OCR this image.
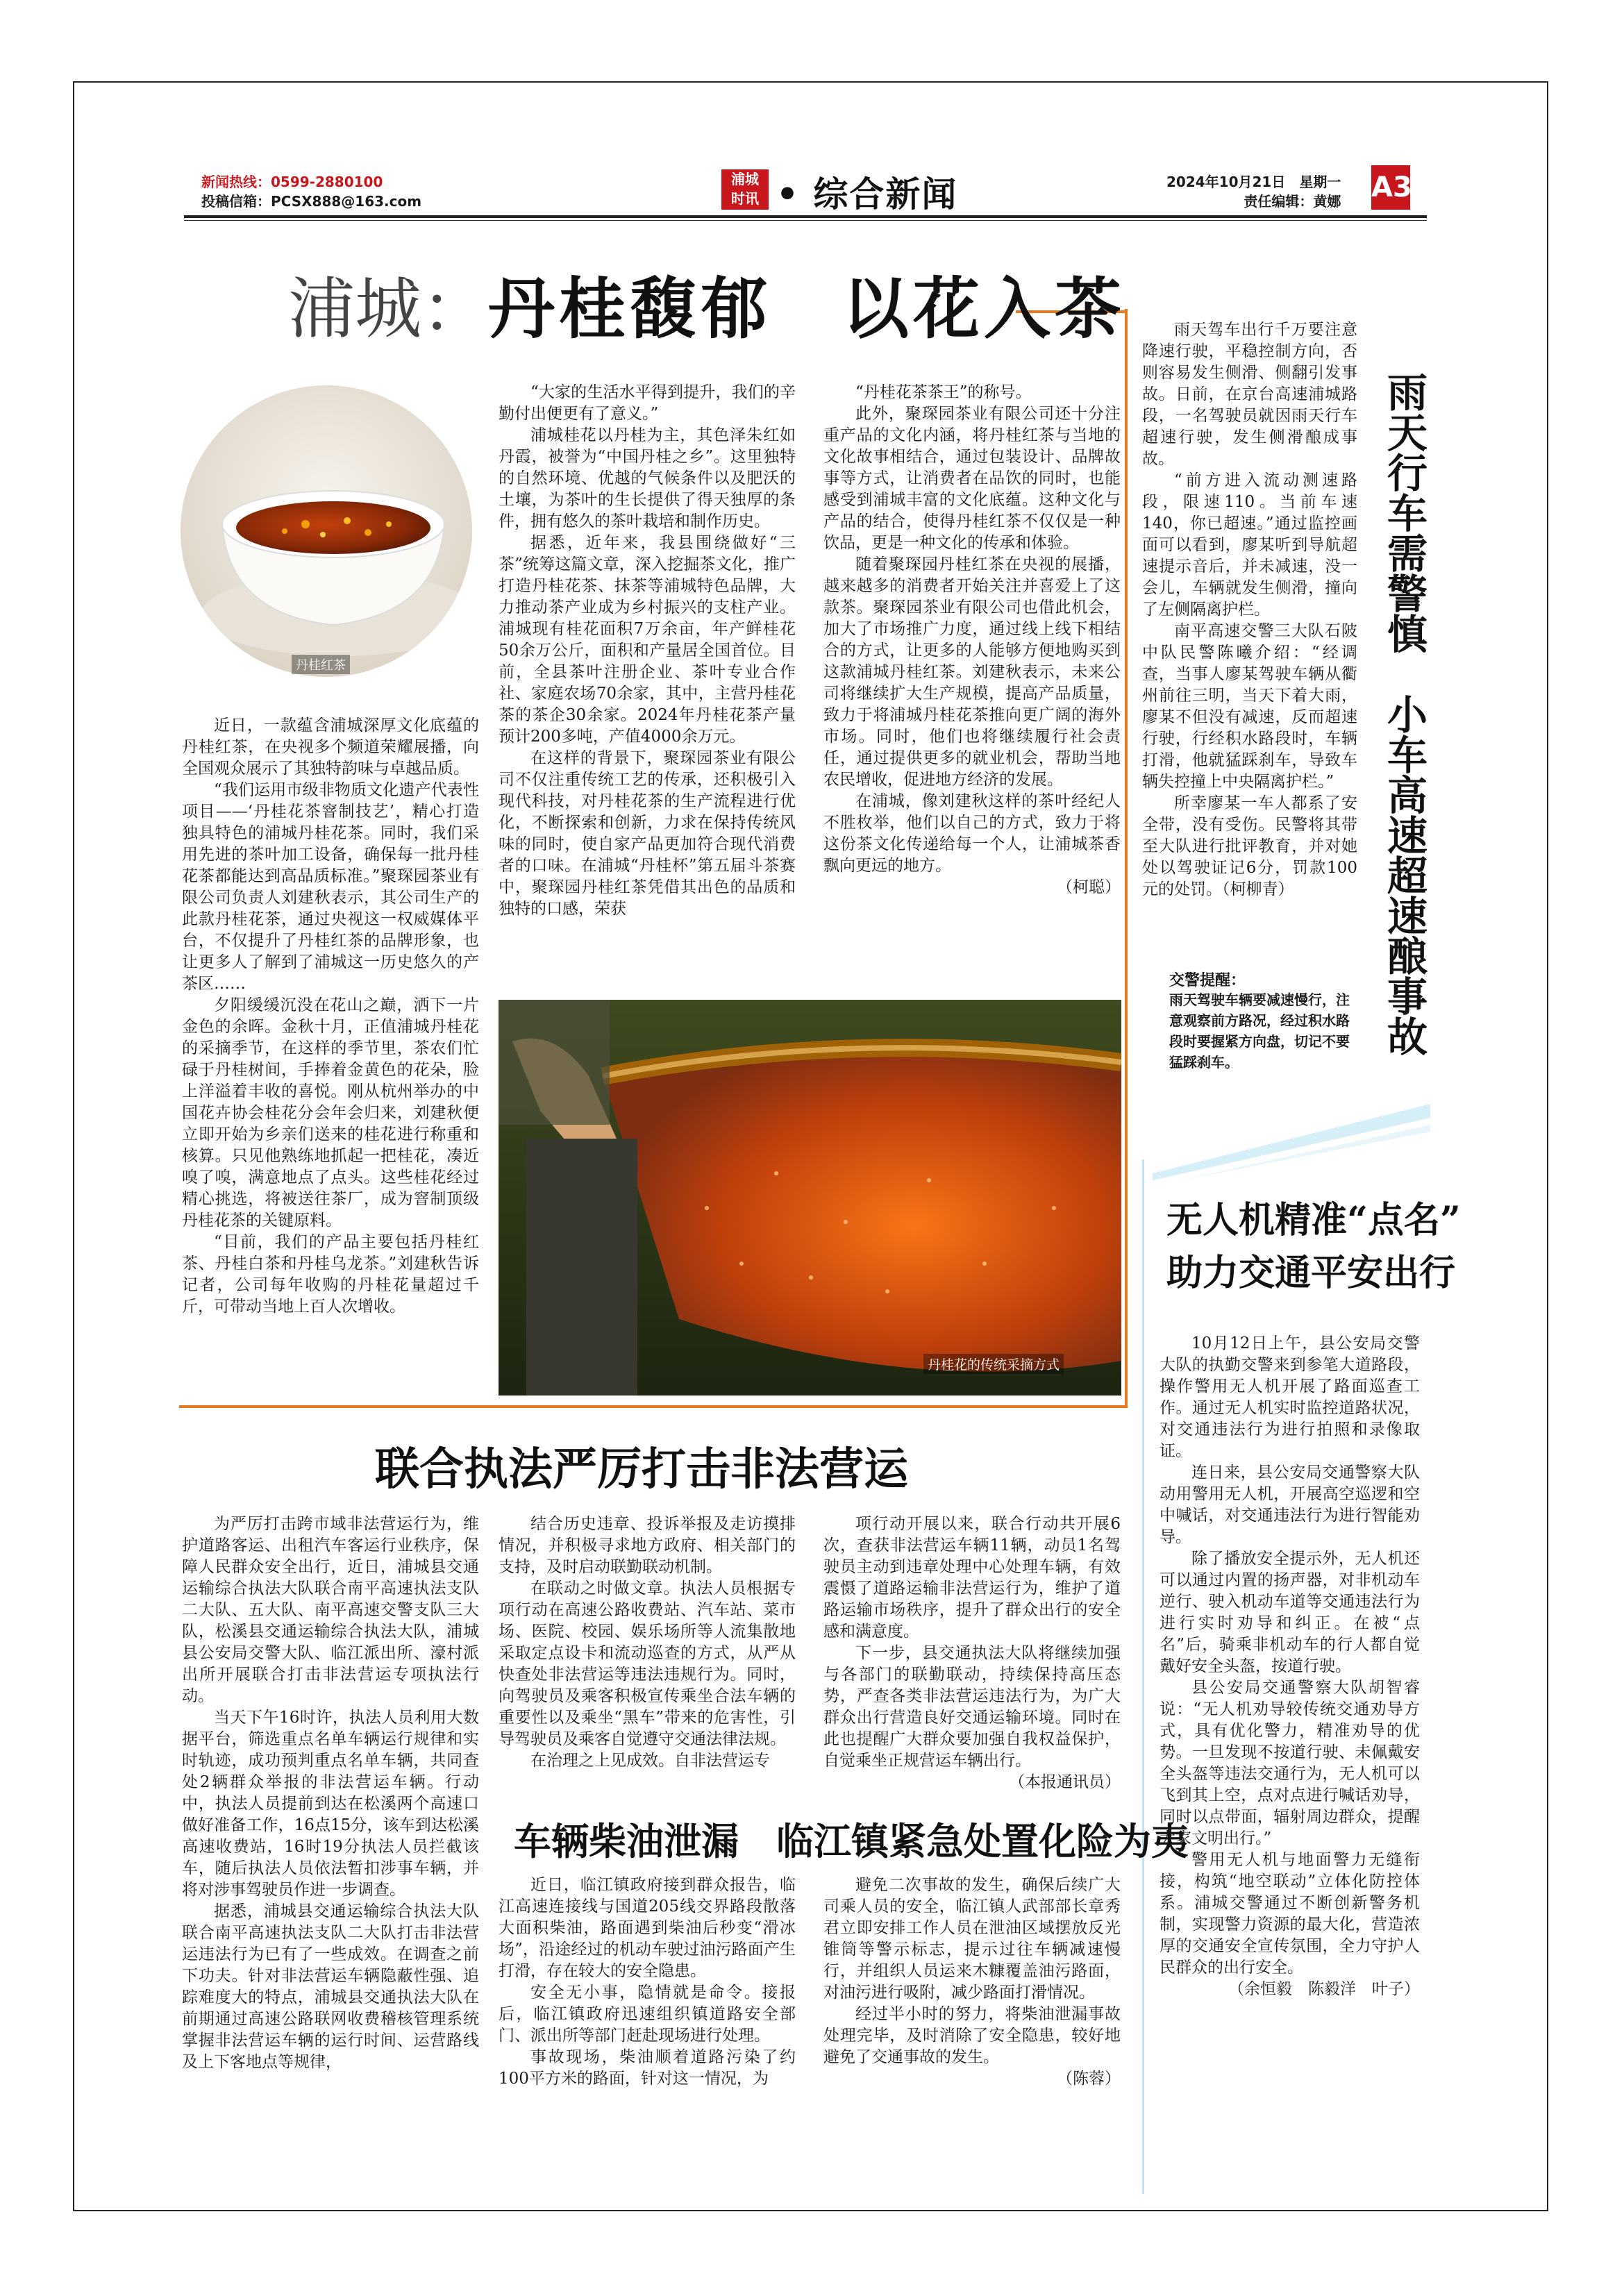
新闻热线：0599-2880100
投稿信箱：PCSX888@163.com
浦城
时讯 • 综合新闻	2024年10月21日　星期一
责任编辑：黄娜 A3
浦城：丹桂馥郁　以花入茶
丹桂红茶

近日，一款蕴含浦城深厚文化底蕴的丹桂红茶，在央视多个频道荣耀展播，向全国观众展示了其独特韵味与卓越品质。

“我们运用市级非物质文化遗产代表性项目——‘丹桂花茶窨制技艺’，精心打造独具特色的浦城丹桂花茶。同时，我们采用先进的茶叶加工设备，确保每一批丹桂花茶都能达到高品质标准。”聚琛园茶业有限公司负责人刘建秋表示，其公司生产的此款丹桂花茶，通过央视这一权威媒体平台，不仅提升了丹桂红茶的品牌形象，也让更多人了解到了浦城这一历史悠久的产茶区……

夕阳缓缓沉没在花山之巅，洒下一片金色的余晖。金秋十月，正值浦城丹桂花的采摘季节，在这样的季节里，茶农们忙碌于丹桂树间，手捧着金黄色的花朵，脸上洋溢着丰收的喜悦。刚从杭州举办的中国花卉协会桂花分会年会归来，刘建秋便立即开始为乡亲们送来的桂花进行称重和核算。只见他熟练地抓起一把桂花，凑近嗅了嗅，满意地点了点头。这些桂花经过精心挑选，将被送往茶厂，成为窨制顶级丹桂花茶的关键原料。

“目前，我们的产品主要包括丹桂红茶、丹桂白茶和丹桂乌龙茶。”刘建秋告诉记者，公司每年收购的丹桂花量超过千斤，可带动当地上百人次增收。

“大家的生活水平得到提升，我们的辛勤付出便更有了意义。”

浦城桂花以丹桂为主，其色泽朱红如丹霞，被誉为“中国丹桂之乡”。这里独特的自然环境、优越的气候条件以及肥沃的土壤，为茶叶的生长提供了得天独厚的条件，拥有悠久的茶叶栽培和制作历史。

据悉，近年来，我县围绕做好“三茶”统筹这篇文章，深入挖掘茶文化，推广打造丹桂花茶、抹茶等浦城特色品牌，大力推动茶产业成为乡村振兴的支柱产业。浦城现有桂花面积7万余亩，年产鲜桂花50余万公斤，面积和产量居全国首位。目前，全县茶叶注册企业、茶叶专业合作社、家庭农场70余家，其中，主营丹桂花茶的茶企30余家。2024年丹桂花茶产量预计200多吨，产值4000余万元。

在这样的背景下，聚琛园茶业有限公司不仅注重传统工艺的传承，还积极引入现代科技，对丹桂花茶的生产流程进行优化，不断探索和创新，力求在保持传统风味的同时，使自家产品更加符合现代消费者的口味。在浦城“丹桂杯”第五届斗茶赛中，聚琛园丹桂红茶凭借其出色的品质和独特的口感，荣获

“丹桂花茶茶王”的称号。

此外，聚琛园茶业有限公司还十分注重产品的文化内涵，将丹桂红茶与当地的文化故事相结合，通过包装设计、品牌故事等方式，让消费者在品饮的同时，也能感受到浦城丰富的文化底蕴。这种文化与产品的结合，使得丹桂红茶不仅仅是一种饮品，更是一种文化的传承和体验。

随着聚琛园丹桂红茶在央视的展播，越来越多的消费者开始关注并喜爱上了这款茶。聚琛园茶业有限公司也借此机会，加大了市场推广力度，通过线上线下相结合的方式，让更多的人能够方便地购买到这款浦城丹桂红茶。刘建秋表示，未来公司将继续扩大生产规模，提高产品质量，致力于将浦城丹桂花茶推向更广阔的海外市场。同时，他们也将继续履行社会责任，通过提供更多的就业机会，帮助当地农民增收，促进地方经济的发展。

在浦城，像刘建秋这样的茶叶经纪人不胜枚举，他们以自己的方式，致力于将这份茶文化传递给每一个人，让浦城茶香飘向更远的地方。

（柯聪）

丹桂花的传统采摘方式

雨天驾车出行千万要注意降速行驶，平稳控制方向，否则容易发生侧滑、侧翻引发事故。日前，在京台高速浦城路段，一名驾驶员就因雨天行车超速行驶，发生侧滑酿成事故。

“前方进入流动测速路段，限速110。当前车速140，你已超速。”通过监控画面可以看到，廖某听到导航超速提示音后，并未减速，没一会儿，车辆就发生侧滑，撞向了左侧隔离护栏。

南平高速交警三大队石陂中队民警陈曦介绍：“经调查，当事人廖某驾驶车辆从衢州前往三明，当天下着大雨，廖某不但没有减速，反而超速行驶，行经积水路段时，车辆打滑，他就猛踩刹车，导致车辆失控撞上中央隔离护栏。”

所幸廖某一车人都系了安全带，没有受伤。民警将其带至大队进行批评教育，并对她处以驾驶证记6分，罚款100元的处罚。（柯柳青）	雨天行车需警慎　小车高速超速酿事故
交警提醒：
雨天驾驶车辆要减速慢行，注意观察前方路况，经过积水路段时要握紧方向盘，切记不要猛踩刹车。
无人机精准“点名”
助力交通平安出行

10月12日上午，县公安局交警大队的执勤交警来到参笔大道路段，操作警用无人机开展了路面巡查工作。通过无人机实时监控道路状况，对交通违法行为进行拍照和录像取证。

连日来，县公安局交通警察大队动用警用无人机，开展高空巡逻和空中喊话，对交通违法行为进行智能劝导。

除了播放安全提示外，无人机还可以通过内置的扬声器，对非机动车逆行、驶入机动车道等交通违法行为进行实时劝导和纠正。在被“点名”后，骑乘非机动车的行人都自觉戴好安全头盔，按道行驶。

县公安局交通警察大队胡智睿说：“无人机劝导较传统交通劝导方式，具有优化警力，精准劝导的优势。一旦发现不按道行驶、未佩戴安全头盔等违法交通行为，无人机可以飞到其上空，点对点进行喊话劝导，同时以点带面，辐射周边群众，提醒大家文明出行。”

警用无人机与地面警力无缝衔接，构筑“地空联动”立体化防控体系。浦城交警通过不断创新警务机制，实现警力资源的最大化，营造浓厚的交通安全宣传氛围，全力守护人民群众的出行安全。

（余恒毅　陈毅洋　叶子）

联合执法严厉打击非法营运

为严厉打击跨市域非法营运行为，维护道路客运、出租汽车客运行业秩序，保障人民群众安全出行，近日，浦城县交通运输综合执法大队联合南平高速执法支队二大队、五大队、南平高速交警支队三大队，松溪县交通运输综合执法大队，浦城县公安局交警大队、临江派出所、濠村派出所开展联合打击非法营运专项执法行动。

当天下午16时许，执法人员利用大数据平台，筛选重点名单车辆运行规律和实时轨迹，成功预判重点名单车辆，共同查处2辆群众举报的非法营运车辆。行动中，执法人员提前到达在松溪两个高速口做好准备工作，16点15分，该车到达松溪高速收费站，16时19分执法人员拦截该车，随后执法人员依法暂扣涉事车辆，并将对涉事驾驶员作进一步调查。

据悉，浦城县交通运输综合执法大队联合南平高速执法支队二大队打击非法营运违法行为已有了一些成效。在调查之前下功夫。针对非法营运车辆隐蔽性强、追踪难度大的特点，浦城县交通执法大队在前期通过高速公路联网收费稽核管理系统掌握非法营运车辆的运行时间、运营路线及上下客地点等规律，

结合历史违章、投诉举报及走访摸排情况，并积极寻求地方政府、相关部门的支持，及时启动联勤联动机制。

在联动之时做文章。执法人员根据专项行动在高速公路收费站、汽车站、菜市场、医院、校园、娱乐场所等人流集散地采取定点设卡和流动巡查的方式，从严从快查处非法营运等违法违规行为。同时，向驾驶员及乘客积极宣传乘坐合法车辆的重要性以及乘坐“黑车”带来的危害性，引导驾驶员及乘客自觉遵守交通法律法规。

在治理之上见成效。自非法营运专

项行动开展以来，联合行动共开展6次，查获非法营运车辆11辆，动员1名驾驶员主动到违章处理中心处理车辆，有效震慑了道路运输非法营运行为，维护了道路运输市场秩序，提升了群众出行的安全感和满意度。

下一步，县交通执法大队将继续加强与各部门的联勤联动，持续保持高压态势，严查各类非法营运违法行为，为广大群众出行营造良好交通运输环境。同时在此也提醒广大群众要加强自我权益保护，自觉乘坐正规营运车辆出行。

（本报通讯员）

车辆柴油泄漏　临江镇紧急处置化险为夷

近日，临江镇政府接到群众报告，临江高速连接线与国道205线交界路段散落大面积柴油，路面遇到柴油后秒变“滑冰场”，沿途经过的机动车驶过油污路面产生打滑，存在较大的安全隐患。

安全无小事，隐情就是命令。接报后，临江镇政府迅速组织镇道路安全部门、派出所等部门赶赴现场进行处理。

事故现场，柴油顺着道路污染了约100平方米的路面，针对这一情况，为

避免二次事故的发生，确保后续广大司乘人员的安全，临江镇人武部部长章秀君立即安排工作人员在泄油区域摆放反光锥筒等警示标志，提示过往车辆减速慢行，并组织人员运来木糠覆盖油污路面，对油污进行吸附，减少路面打滑情况。

经过半小时的努力，将柴油泄漏事故处理完毕，及时消除了安全隐患，较好地避免了交通事故的发生。

（陈蓉）
